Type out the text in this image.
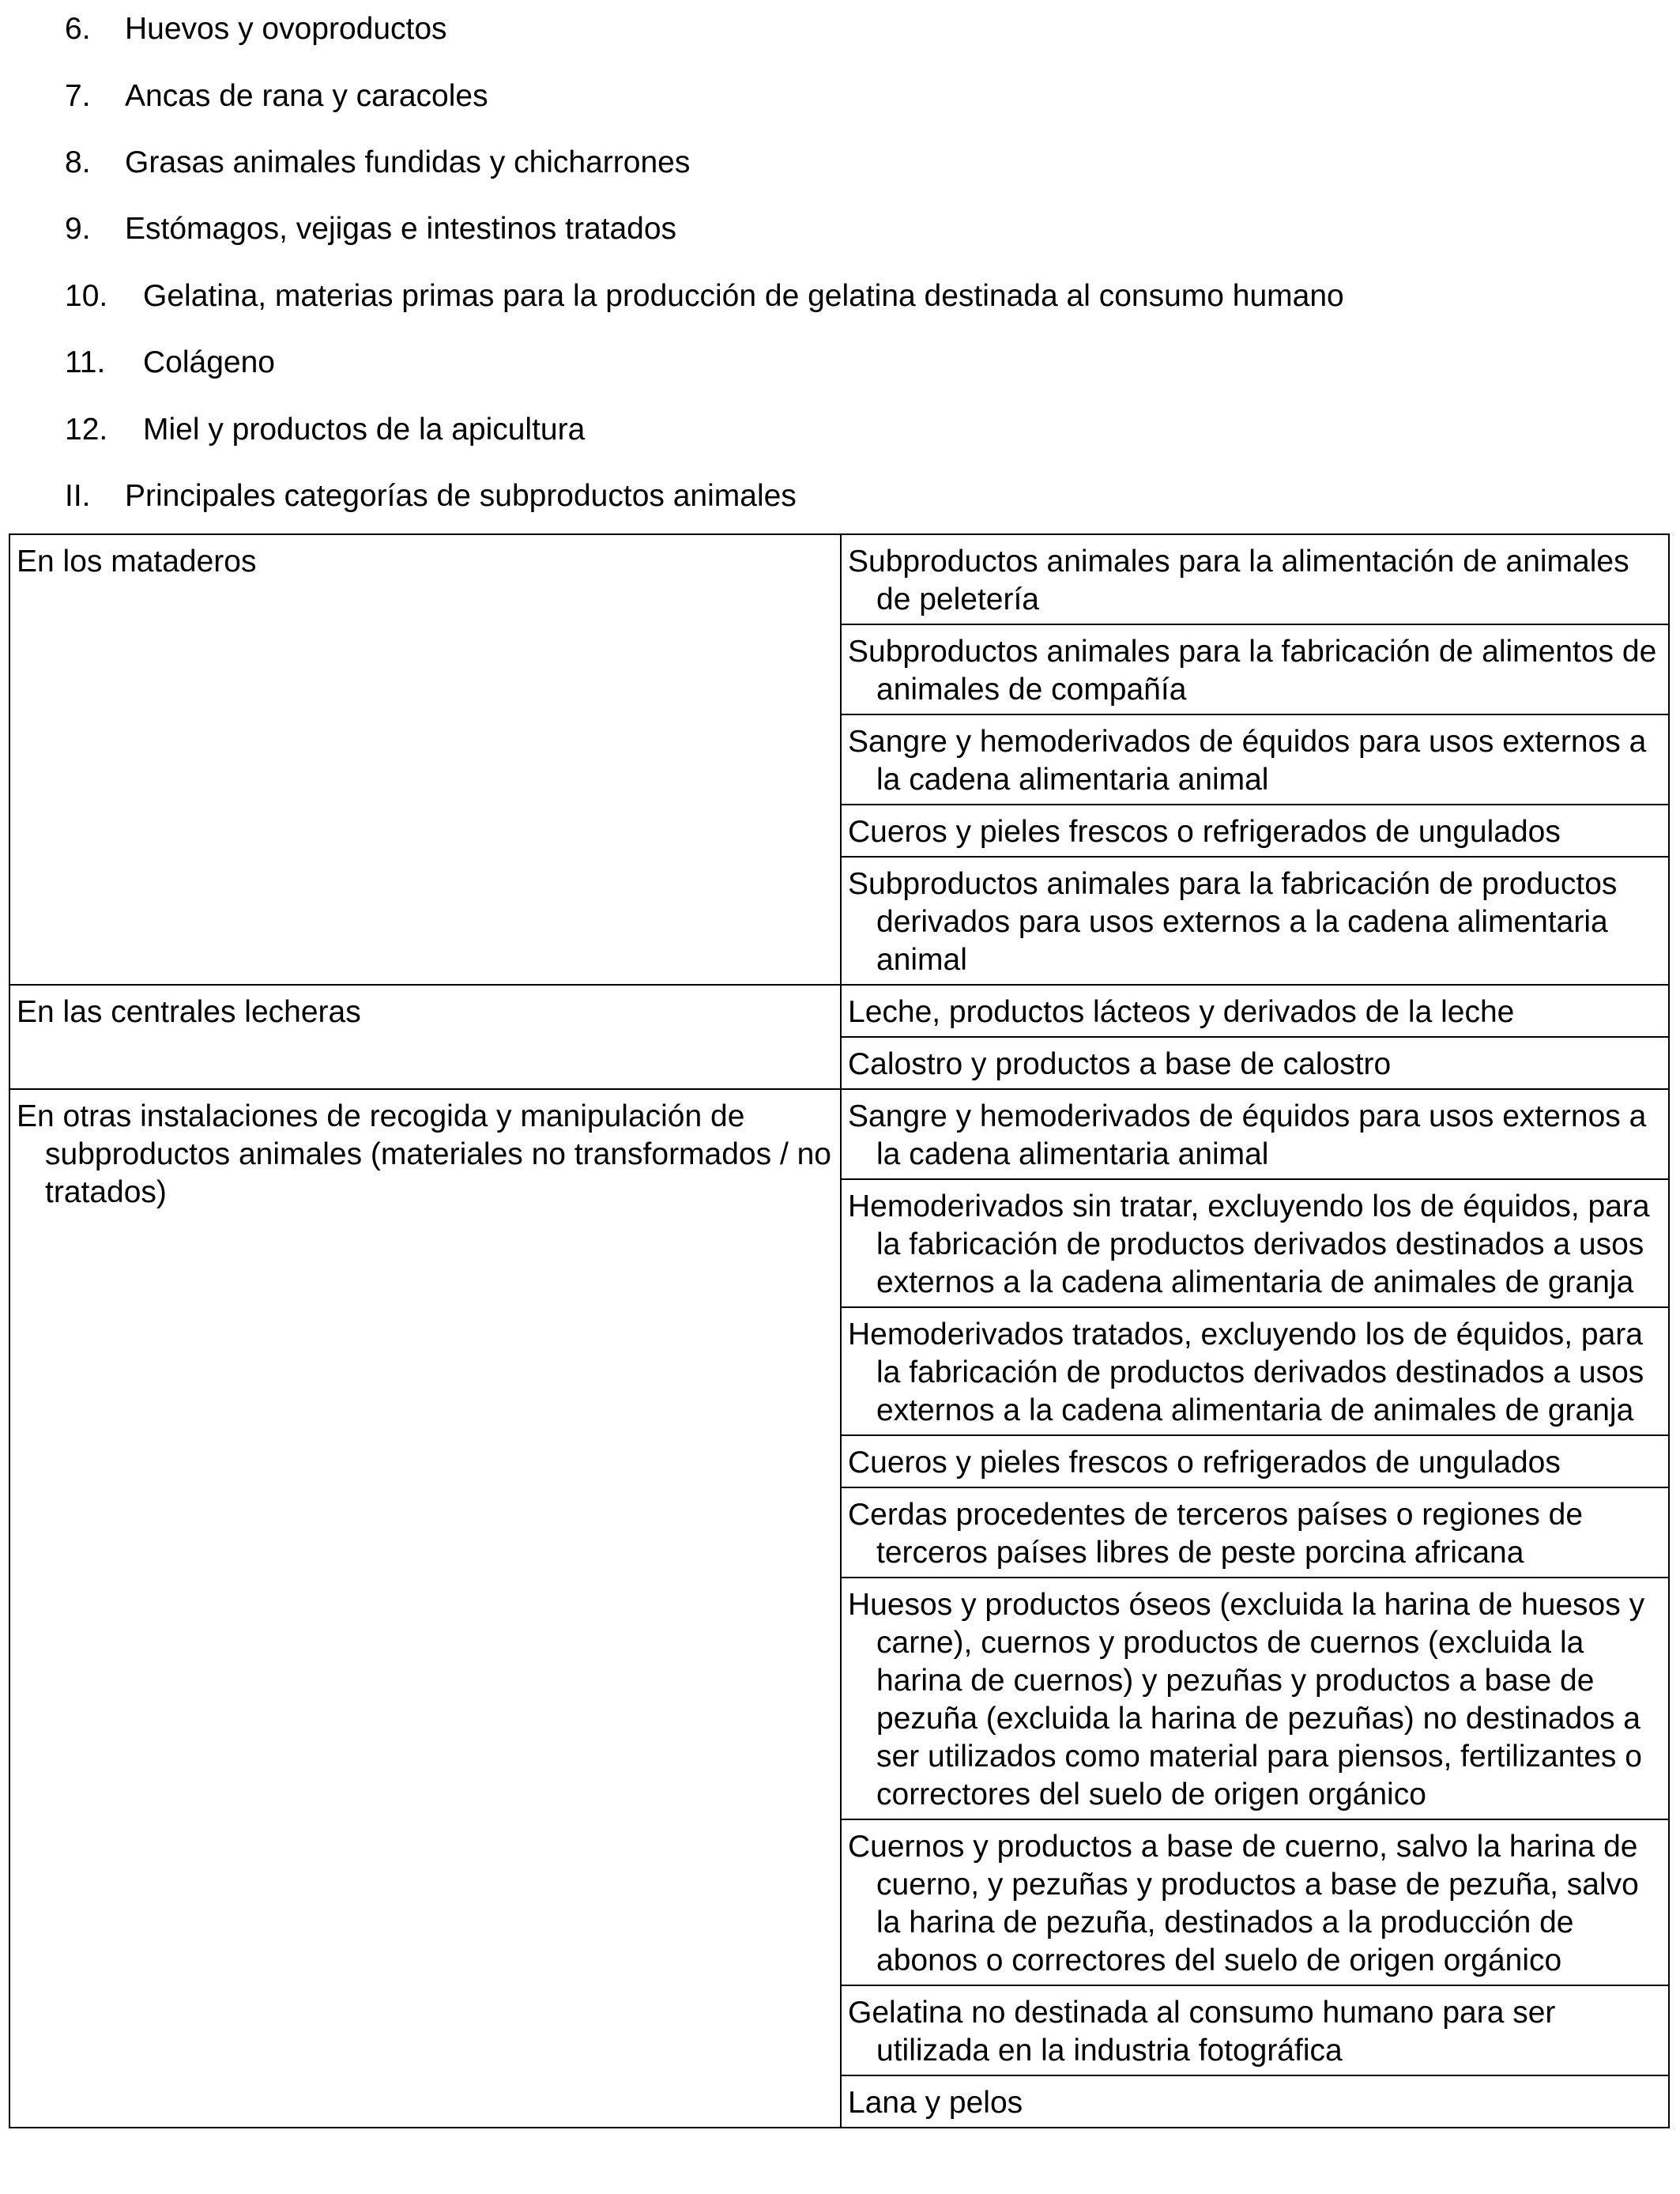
6. Huevos y ovoproductos
7. Ancas de rana y caracoles
8. Grasas animales fundidas y chicharrones
9. Estómagos, vejigas e intestinos tratados
10. Gelatina, materias primas para la producción de gelatina destinada al consumo humano
11. Colágeno
12. Miel y productos de la apicultura
II. Principales categorías de subproductos animales
En los mataderos	Subproductos animales para la alimentación de animales de peletería

	Subproductos animales para la fabricación de alimentos de animales de compañía

	Sangre y hemoderivados de équidos para usos externos a la cadena alimentaria animal

	Cueros y pieles frescos o refrigerados de ungulados

	Subproductos animales para la fabricación de productos derivados para usos externos a la cadena alimentaria animal

En las centrales lecheras	Leche, productos lácteos y derivados de la leche

	Calostro y productos a base de calostro

En otras instalaciones de recogida y manipulación de subproductos animales (materiales no transformados / no tratados)	Sangre y hemoderivados de équidos para usos externos a la cadena alimentaria animal

	Hemoderivados sin tratar, excluyendo los de équidos, para la fabricación de productos derivados destinados a usos externos a la cadena alimentaria de animales de granja

	Hemoderivados tratados, excluyendo los de équidos, para la fabricación de productos derivados destinados a usos externos a la cadena alimentaria de animales de granja

	Cueros y pieles frescos o refrigerados de ungulados

	Cerdas procedentes de terceros países o regiones de terceros países libres de peste porcina africana

	Huesos y productos óseos (excluida la harina de huesos y carne), cuernos y productos de cuernos (excluida la harina de cuernos) y pezuñas y productos a base de pezuña (excluida la harina de pezuñas) no destinados a ser utilizados como material para piensos, fertilizantes o correctores del suelo de origen orgánico

	Cuernos y productos a base de cuerno, salvo la harina de cuerno, y pezuñas y productos a base de pezuña, salvo la harina de pezuña, destinados a la producción de abonos o correctores del suelo de origen orgánico

	Gelatina no destinada al consumo humano para ser utilizada en la industria fotográfica

	Lana y pelos
